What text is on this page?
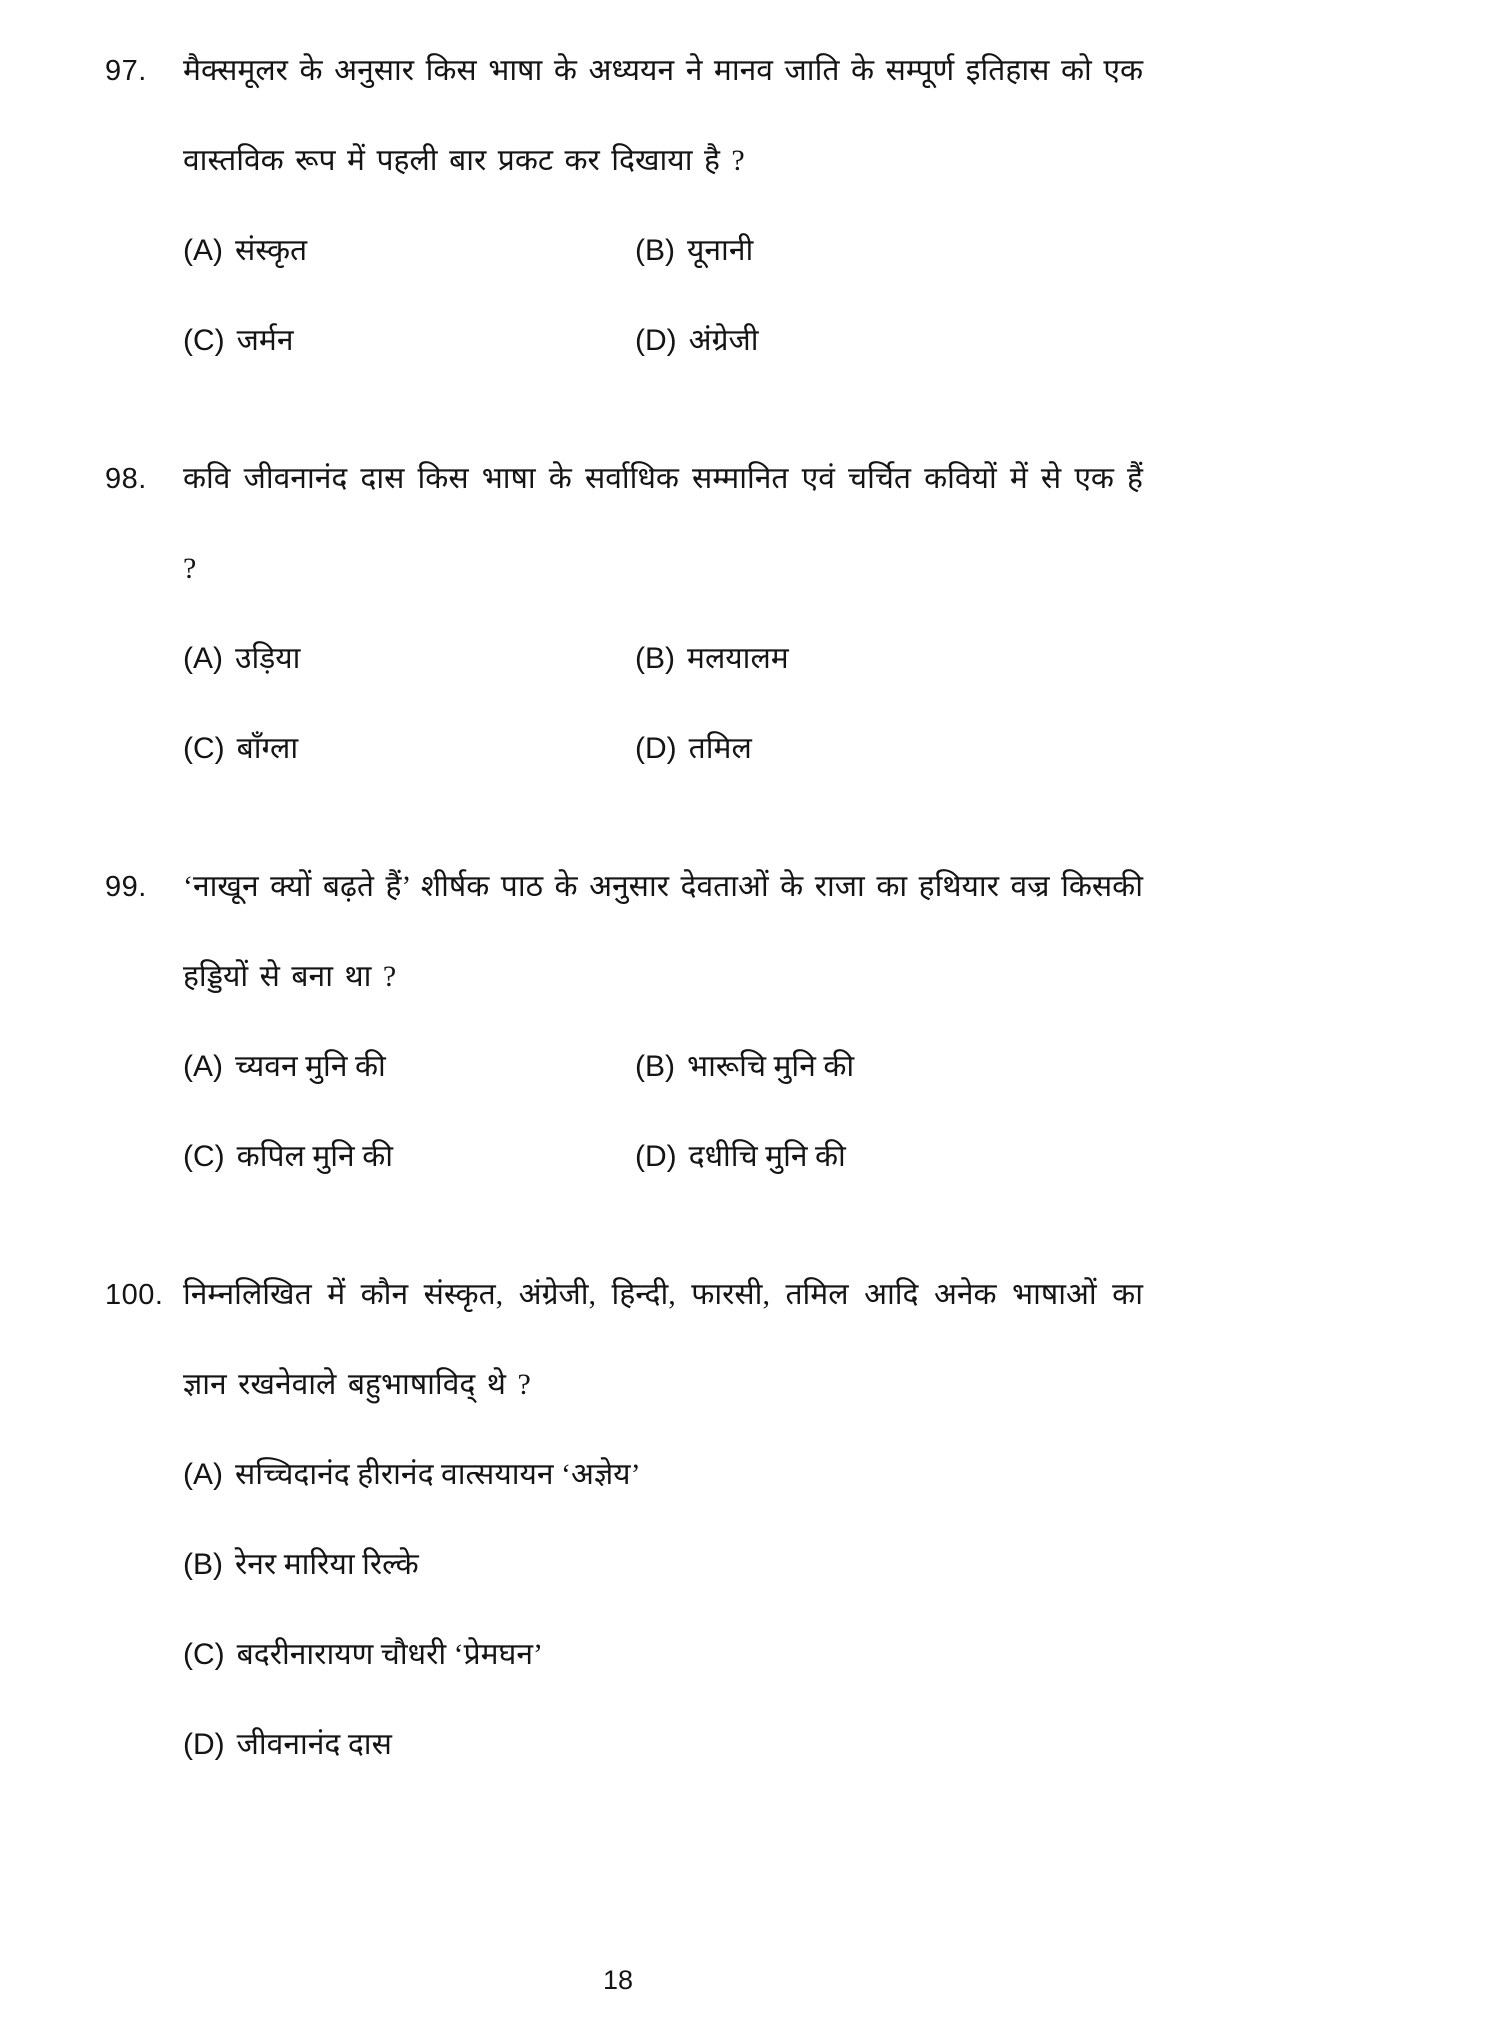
97.	मैक्समूलर के अनुसार किस भाषा के अध्ययन ने मानव जाति के सम्पूर्ण इतिहास को एक वास्तविक रूप में पहली बार प्रकट कर दिखाया है ?
(A) संस्कृत	(B) यूनानी
(C) जर्मन	(D) अंग्रेजी
98.	कवि जीवनानंद दास किस भाषा के सर्वाधिक सम्मानित एवं चर्चित कवियों में से एक हैं ?
(A) उड़िया	(B) मलयालम
(C) बाँग्ला	(D) तमिल
99.	‘नाखून क्यों बढ़ते हैं’ शीर्षक पाठ के अनुसार देवताओं के राजा का हथियार वज्र किसकी हड्डियों से बना था ?
(A) च्यवन मुनि की	(B) भारूचि मुनि की
(C) कपिल मुनि की	(D) दधीचि मुनि की
100. निम्नलिखित में कौन संस्कृत, अंग्रेजी, हिन्दी, फारसी, तमिल आदि अनेक भाषाओं का ज्ञान रखनेवाले बहुभाषाविद् थे ?
(A) सच्चिदानंद हीरानंद वात्सयायन ‘अज्ञेय’
(B) रेनर मारिया रिल्के
(C) बदरीनारायण चौधरी ‘प्रेमघन’
(D) जीवनानंद दास
18
